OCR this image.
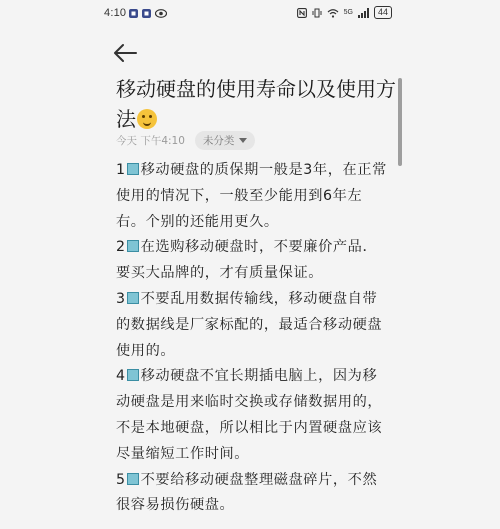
4:10	5G	44
移动硬盘的使用寿命以及使用方法
今天 下午4:10 未分类

1 移动硬盘的质保期一般是3年，在正常使用的情况下，一般至少能用到6年左右。个别的还能用更久。

2 在选购移动硬盘时，不要廉价产品．要买大品牌的，才有质量保证。

3 不要乱用数据传输线，移动硬盘自带的数据线是厂家标配的，最适合移动硬盘使用的。

4 移动硬盘不宜长期插电脑上，因为移动硬盘是用来临时交换或存储数据用的，不是本地硬盘，所以相比于内置硬盘应该尽量缩短工作时间。

5 不要给移动硬盘整理磁盘碎片，不然很容易损伤硬盘。
